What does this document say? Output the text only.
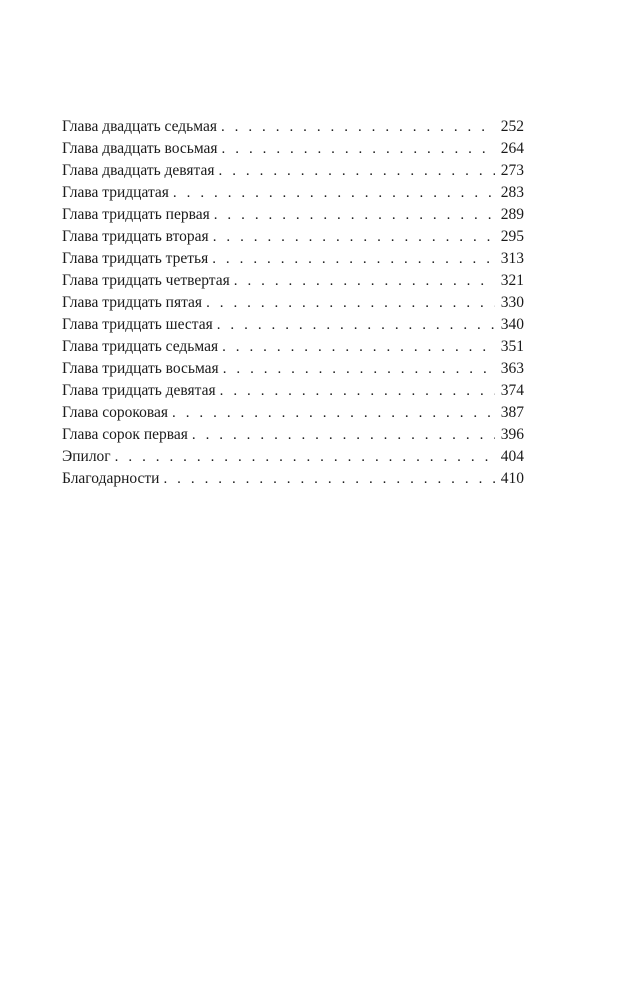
Глава двадцать седьмая . . .	252
Глава двадцать восьмая . . .	264
Глава двадцать девятая . . .	273
Глава тридцатая . . .	283
Глава тридцать первая . . .	289
Глава тридцать вторая . . .	295
Глава тридцать третья . . .	313
Глава тридцать четвертая . . .	321
Глава тридцать пятая . . .	330
Глава тридцать шестая . . .	340
Глава тридцать седьмая . . .	351
Глава тридцать восьмая . . .	363
Глава тридцать девятая . . .	374
Глава сороковая . . .	387
Глава сорок первая . . .	396
Эпилог . . .	404
Благодарности . . .	410
